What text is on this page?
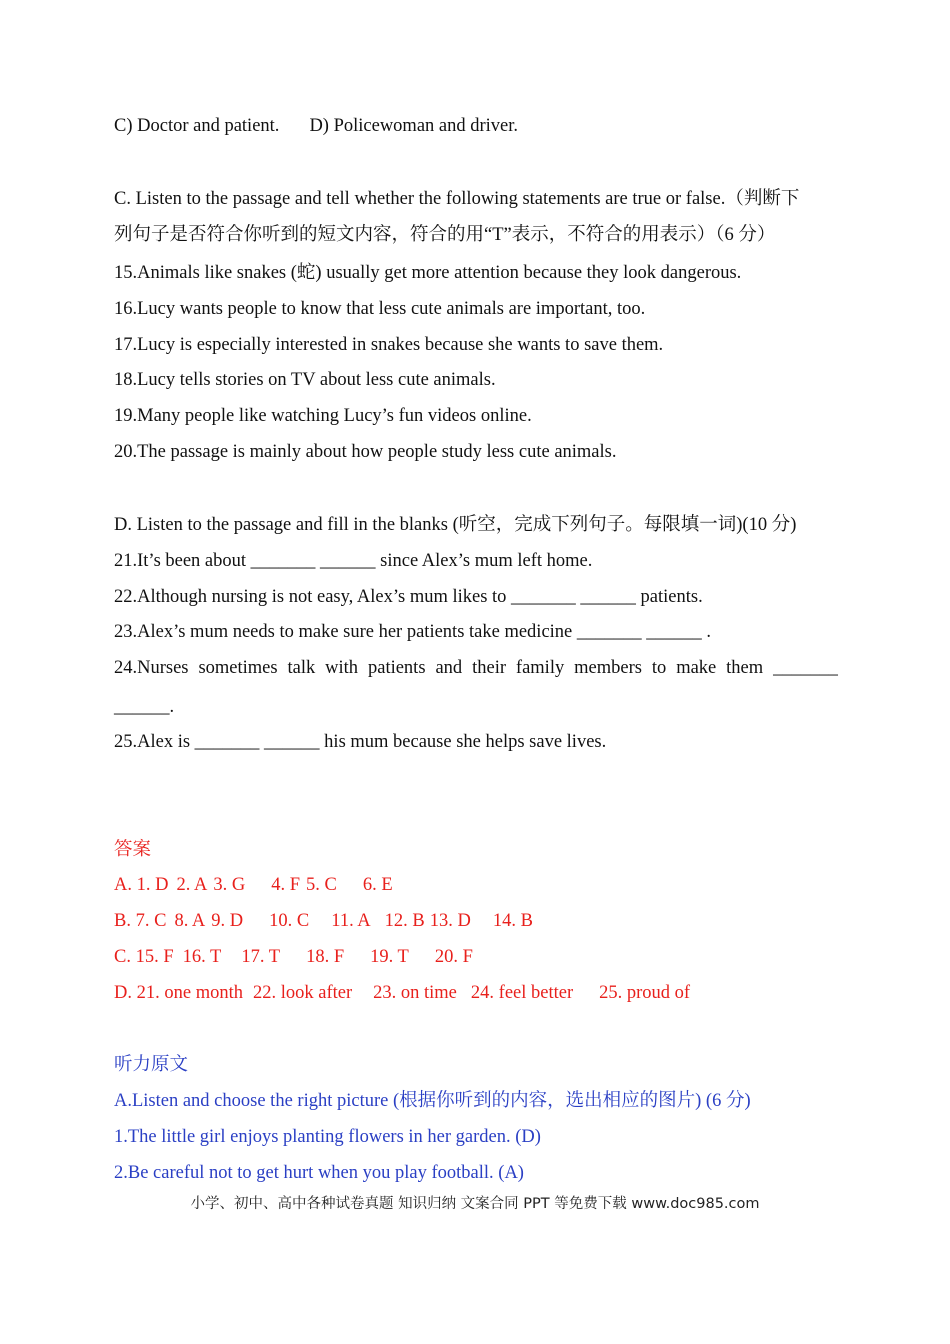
C) Doctor and patient. D) Policewoman and driver.
C. Listen to the passage and tell whether the following statements are true or false.（判断下
列句子是否符合你听到的短文内容，符合的用“T”表示，不符合的用表示）（6 分）
15.Animals like snakes (蛇) usually get more attention because they look dangerous.
16.Lucy wants people to know that less cute animals are important, too.
17.Lucy is especially interested in snakes because she wants to save them.
18.Lucy tells stories on TV about less cute animals.
19.Many people like watching Lucy’s fun videos online.
20.The passage is mainly about how people study less cute animals.
D. Listen to the passage and fill in the blanks (听空，完成下列句子。每限填一词)(10 分)
21.It’s been about _______ ______ since Alex’s mum left home.
22.Although nursing is not easy, Alex’s mum likes to _______ ______ patients.
23.Alex’s mum needs to make sure her patients take medicine _______ ______ .
24.Nurses sometimes talk with patients and their family members to make them _______
______.
25.Alex is _______ ______ his mum because she helps save lives.
答案
A. 1. D 2. A 3. G 4. F 5. C 6. E
B. 7. C 8. A 9. D 10. C 11. A 12. B 13. D 14. B
C. 15. F 16. T 17. T 18. F 19. T 20. F
D. 21. one month 22. look after 23. on time 24. feel better 25. proud of
听力原文
A.Listen and choose the right picture (根据你听到的内容，选出相应的图片) (6 分)
1.The little girl enjoys planting flowers in her garden. (D)
2.Be careful not to get hurt when you play football. (A)
小学、初中、高中各种试卷真题 知识归纳 文案合同 PPT 等免费下载 www.doc985.com
